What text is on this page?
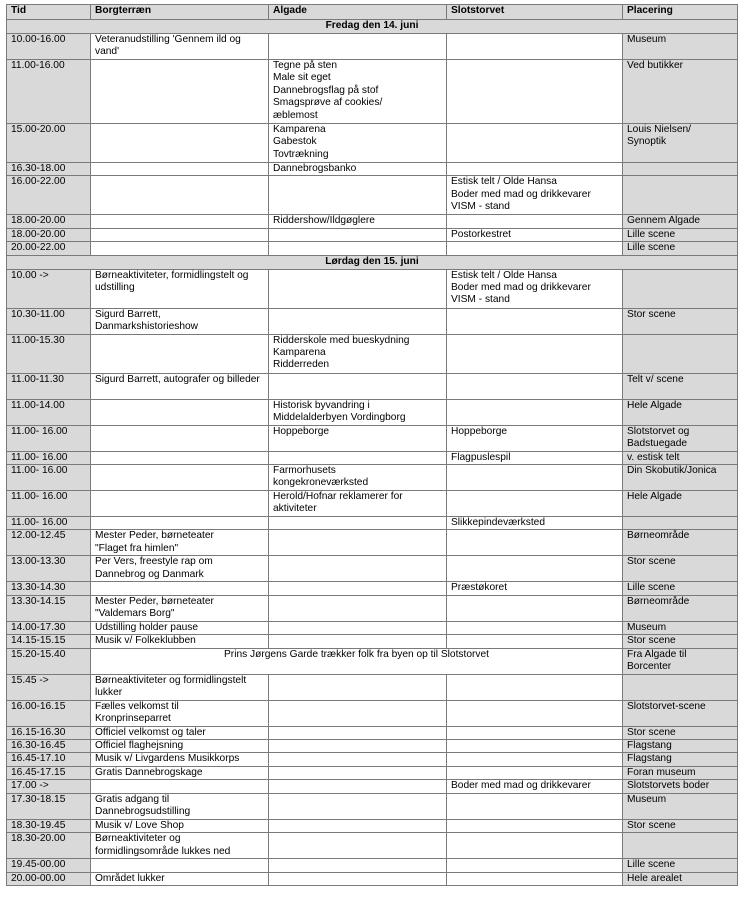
Tid	Borgterræn	Algade	Slotstorvet	Placering
Fredag den 14. juni				
10.00-16.00	Veteranudstilling 'Gennem ild og vand'			Museum
11.00-16.00		Tegne på sten
Male sit eget
Dannebrogsflag på stof
Smagsprøve af cookies/
æblemost		Ved butikker
15.00-20.00		Kamparena
Gabestok
Tovtrækning		Louis Nielsen/
Synoptik
16.30-18.00		Dannebrogsbanko		
16.00-22.00			Estisk telt / Olde Hansa
Boder med mad og drikkevarer
VISM - stand	
18.00-20.00		Riddershow/Ildgøglere		Gennem Algade
18.00-20.00			Postorkestret	Lille scene
20.00-22.00				Lille scene
Lørdag den 15. juni				
10.00 ->	Børneaktiviteter, formidlingstelt og udstilling		Estisk telt / Olde Hansa
Boder med mad og drikkevarer
VISM - stand	
10.30-11.00	Sigurd Barrett,
Danmarkshistorieshow			Stor scene
11.00-15.30		Ridderskole med bueskydning
Kamparena
Ridderreden		
11.00-11.30	Sigurd Barrett, autografer og billeder			Telt v/ scene
11.00-14.00		Historisk byvandring i Middelalderbyen Vordingborg		Hele Algade
11.00- 16.00		Hoppeborge	Hoppeborge	Slotstorvet og Badstuegade
11.00- 16.00			Flagpuslespil	v. estisk telt
11.00- 16.00		Farmorhusets
kongekroneværksted		Din Skobutik/Jonica
11.00- 16.00		Herold/Hofnar reklamerer for aktiviteter		Hele Algade
11.00- 16.00			Slikkepindeværksted	
12.00-12.45	Mester Peder, børneteater
"Flaget fra himlen"			Børneområde
13.00-13.30	Per Vers, freestyle rap om Dannebrog og Danmark			Stor scene
13.30-14.30			Præstøkoret	Lille scene
13.30-14.15	Mester Peder, børneteater
"Valdemars Borg"			Børneområde
14.00-17.30	Udstilling holder pause			Museum
14.15-15.15	Musik v/ Folkeklubben			Stor scene
15.20-15.40	Prins Jørgens Garde trækker folk fra byen op til Slotstorvet			Fra Algade til Borcenter
15.45 ->	Børneaktiviteter og formidlingstelt lukker			
16.00-16.15	Fælles velkomst til
Kronprinseparret			Slotstorvet-scene
16.15-16.30	Officiel velkomst og taler			Stor scene
16.30-16.45	Officiel flaghejsning			Flagstang
16.45-17.10	Musik v/ Livgardens Musikkorps			Flagstang
16.45-17.15	Gratis Dannebrogskage			Foran museum
17.00 ->			Boder med mad og drikkevarer	Slotstorvets boder
17.30-18.15	Gratis adgang til
Dannebrogsudstilling			Museum
18.30-19.45	Musik v/ Love Shop			Stor scene
18.30-20.00	Børneaktiviteter og
formidlingsområde lukkes ned			
19.45-00.00				Lille scene
20.00-00.00	Området lukker			Hele arealet
